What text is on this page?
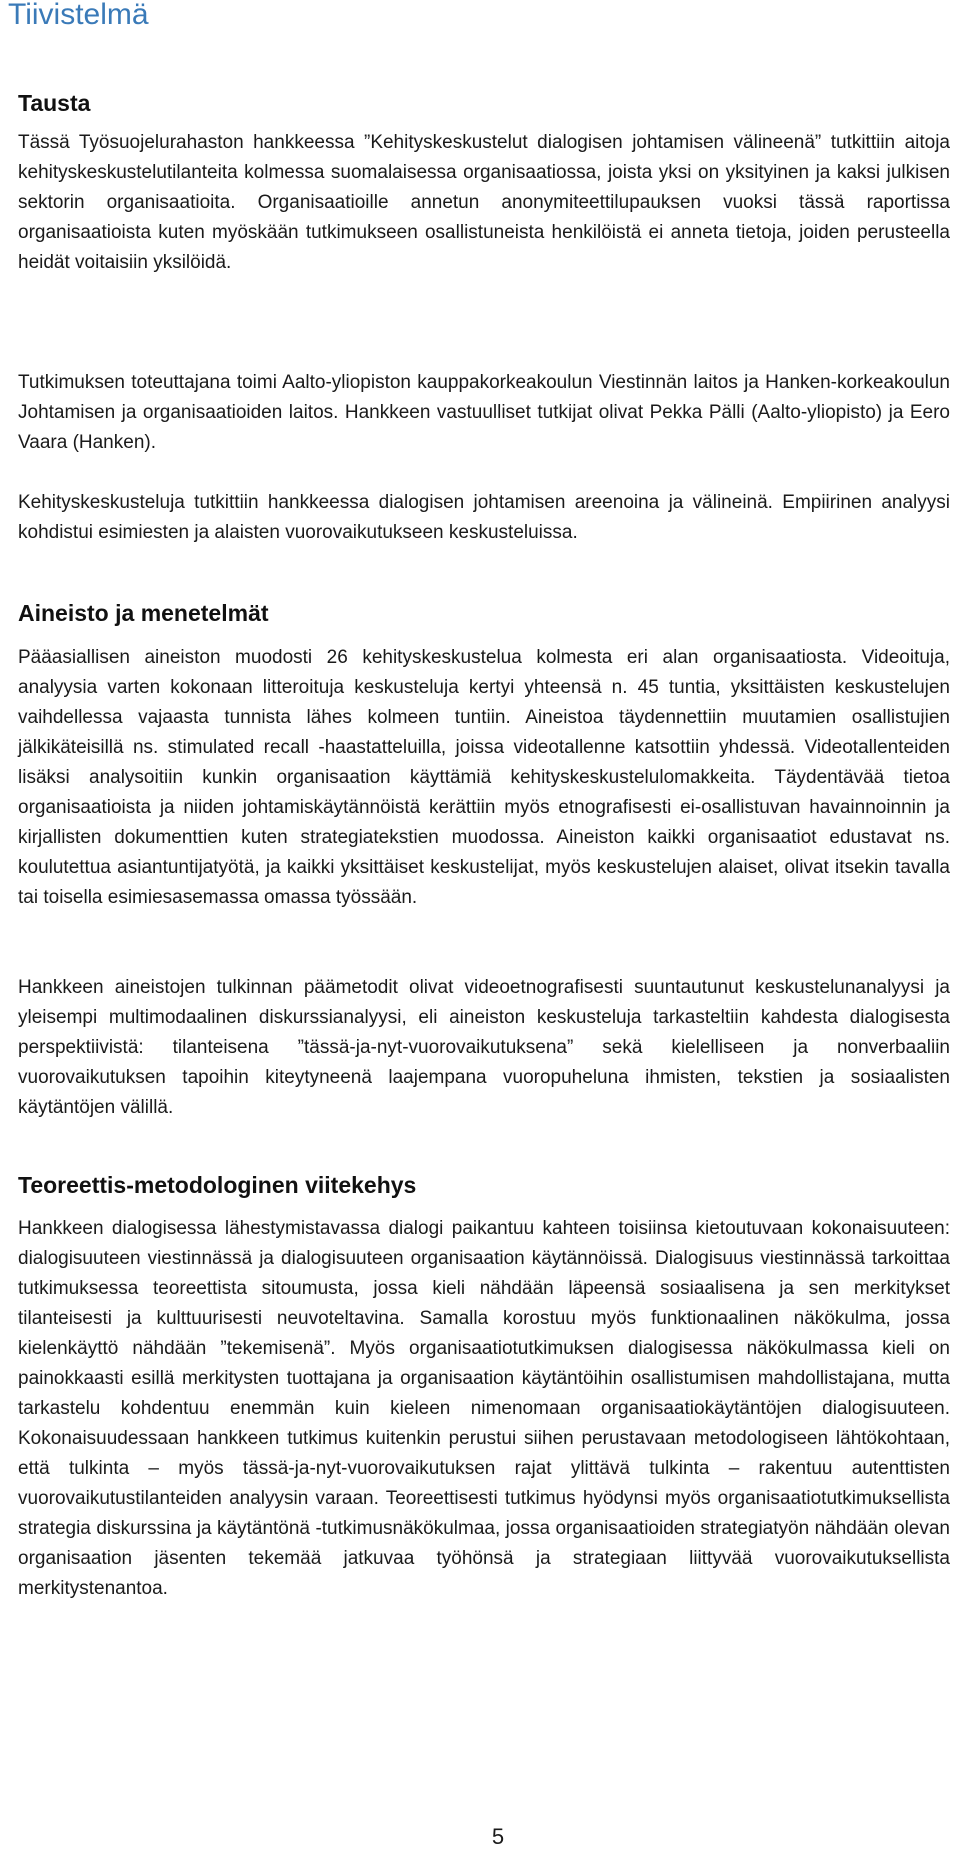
Tiivistelmä
Tausta

Tässä Työsuojelurahaston hankkeessa ”Kehityskeskustelut dialogisen johtamisen välineenä” tutkittiin aitoja kehityskeskustelutilanteita kolmessa suomalaisessa organisaatiossa, joista yksi on yksityinen ja kaksi julkisen sektorin organisaatioita. Organisaatioille annetun anonymiteettilupauksen vuoksi tässä raportissa organisaatioista kuten myöskään tutkimukseen osallistuneista henkilöistä ei anneta tietoja, joiden perusteella heidät voitaisiin yksilöidä.

Tutkimuksen toteuttajana toimi Aalto-yliopiston kauppakorkeakoulun Viestinnän laitos ja Hanken-korkeakoulun Johtamisen ja organisaatioiden laitos. Hankkeen vastuulliset tutkijat olivat Pekka Pälli (Aalto-yliopisto) ja Eero Vaara (Hanken).

Kehityskeskusteluja tutkittiin hankkeessa dialogisen johtamisen areenoina ja välineinä. Empiirinen analyysi kohdistui esimiesten ja alaisten vuorovaikutukseen keskusteluissa.

Aineisto ja menetelmät

Pääasiallisen aineiston muodosti 26 kehityskeskustelua kolmesta eri alan organisaatiosta. Videoituja, analyysia varten kokonaan litteroituja keskusteluja kertyi yhteensä n. 45 tuntia, yksittäisten keskustelujen vaihdellessa vajaasta tunnista lähes kolmeen tuntiin. Aineistoa täydennettiin muutamien osallistujien jälkikäteisillä ns. stimulated recall -haastatteluilla, joissa videotallenne katsottiin yhdessä. Videotallenteiden lisäksi analysoitiin kunkin organisaation käyttämiä kehityskeskustelulomakkeita. Täydentävää tietoa organisaatioista ja niiden johtamiskäytännöistä kerättiin myös etnografisesti ei-osallistuvan havainnoinnin ja kirjallisten dokumenttien kuten strategiatekstien muodossa. Aineiston kaikki organisaatiot edustavat ns. koulutettua asiantuntijatyötä, ja kaikki yksittäiset keskustelijat, myös keskustelujen alaiset, olivat itsekin tavalla tai toisella esimiesasemassa omassa työssään.

Hankkeen aineistojen tulkinnan päämetodit olivat videoetnografisesti suuntautunut keskustelunanalyysi ja yleisempi multimodaalinen diskurssianalyysi, eli aineiston keskusteluja tarkasteltiin kahdesta dialogisesta perspektiivistä: tilanteisena ”tässä-ja-nyt-vuorovaikutuksena” sekä kielelliseen ja nonverbaaliin vuorovaikutuksen tapoihin kiteytyneenä laajempana vuoropuheluna ihmisten, tekstien ja sosiaalisten käytäntöjen välillä.

Teoreettis-metodologinen viitekehys

Hankkeen dialogisessa lähestymistavassa dialogi paikantuu kahteen toisiinsa kietoutuvaan kokonaisuuteen: dialogisuuteen viestinnässä ja dialogisuuteen organisaation käytännöissä. Dialogisuus viestinnässä tarkoittaa tutkimuksessa teoreettista sitoumusta, jossa kieli nähdään läpeensä sosiaalisena ja sen merkitykset tilanteisesti ja kulttuurisesti neuvoteltavina. Samalla korostuu myös funktionaalinen näkökulma, jossa kielenkäyttö nähdään ”tekemisenä”. Myös organisaatiotutkimuksen dialogisessa näkökulmassa kieli on painokkaasti esillä merkitysten tuottajana ja organisaation käytäntöihin osallistumisen mahdollistajana, mutta tarkastelu kohdentuu enemmän kuin kieleen nimenomaan organisaatiokäytäntöjen dialogisuuteen. Kokonaisuudessaan hankkeen tutkimus kuitenkin perustui siihen perustavaan metodologiseen lähtökohtaan, että tulkinta – myös tässä-ja-nyt-vuorovaikutuksen rajat ylittävä tulkinta – rakentuu autenttisten vuorovaikutustilanteiden analyysin varaan. Teoreettisesti tutkimus hyödynsi myös organisaatiotutkimuksellista strategia diskurssina ja käytäntönä -tutkimusnäkökulmaa, jossa organisaatioiden strategiatyön nähdään olevan organisaation jäsenten tekemää jatkuvaa työhönsä ja strategiaan liittyvää vuorovaikutuksellista merkitystenantoa.

5
